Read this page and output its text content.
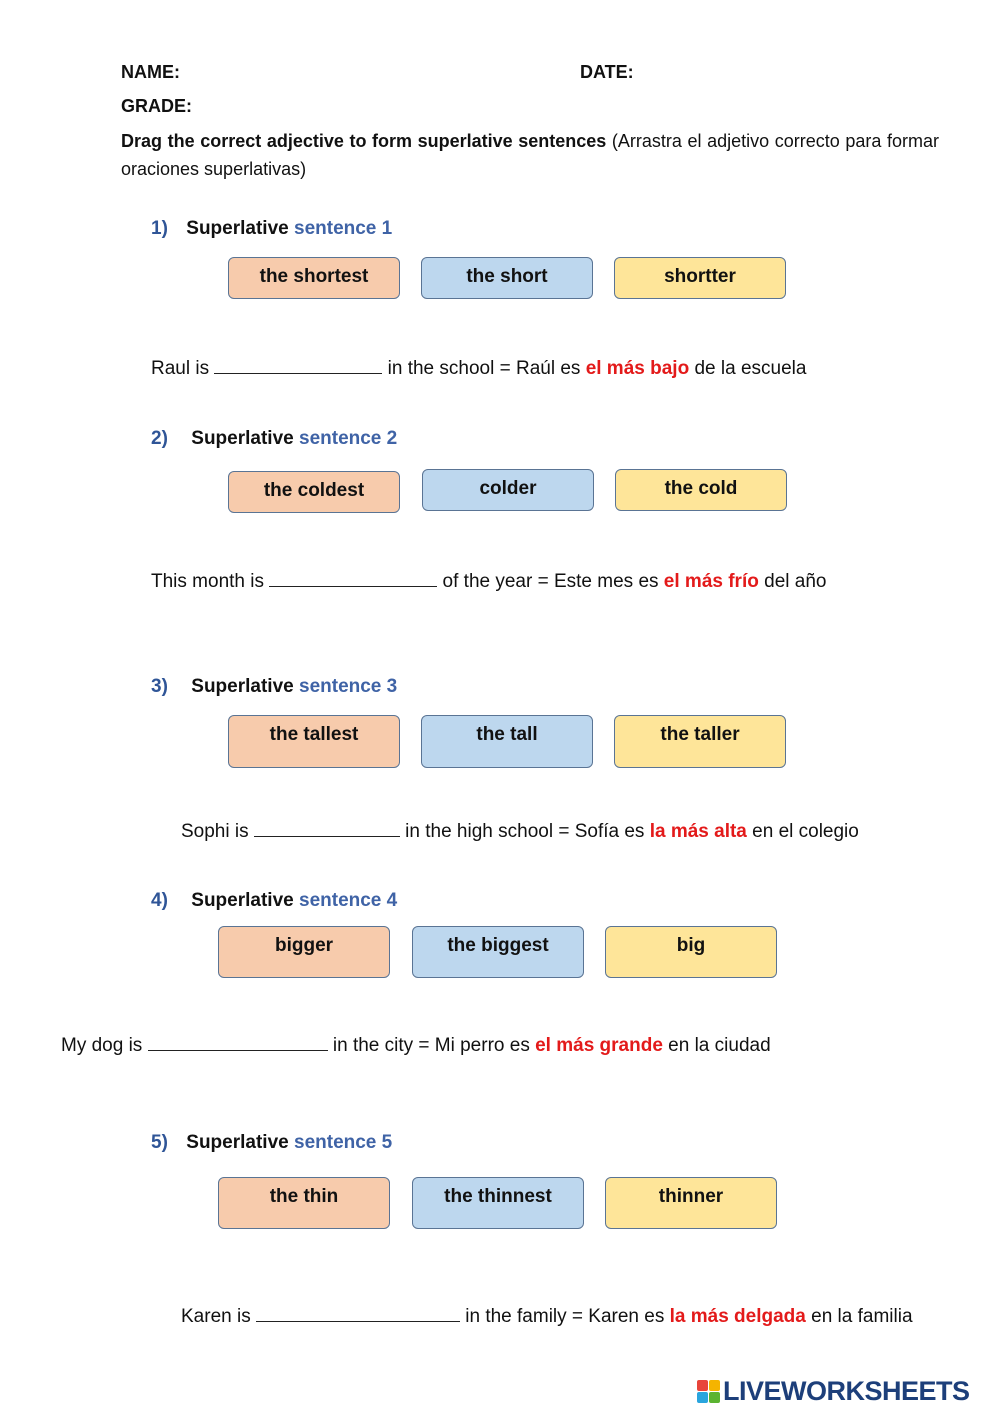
NAME:	DATE:
GRADE:
Drag the correct adjective to form superlative sentences (Arrastra el adjetivo correcto para formar oraciones superlativas)
1) Superlative sentence 1
the shortest	the short	shortter
Raul is	in the school = Raúl es el más bajo de la escuela
2) Superlative sentence 2
the coldest	colder	the cold
This month is	of the year = Este mes es el más frío del año
3) Superlative sentence 3
the tallest	the tall	the taller
Sophi is	in the high school = Sofía es la más alta en el colegio
4) Superlative sentence 4
bigger	the biggest	big
My dog is	in the city = Mi perro es el más grande en la ciudad
5) Superlative sentence 5
the thin	the thinnest	thinner
Karen is	in the family = Karen es la más delgada en la familia
LIVEWORKSHEETS
